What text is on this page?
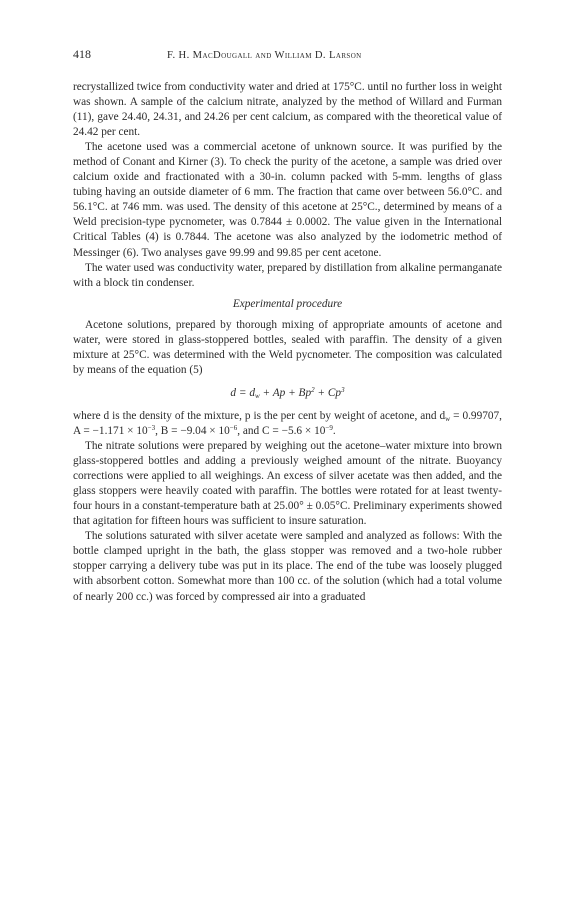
418	F. H. MacDougall and William D. Larson

recrystallized twice from conductivity water and dried at 175°C. until no further loss in weight was shown. A sample of the calcium nitrate, analyzed by the method of Willard and Furman (11), gave 24.40, 24.31, and 24.26 per cent calcium, as compared with the theoretical value of 24.42 per cent.

The acetone used was a commercial acetone of unknown source. It was purified by the method of Conant and Kirner (3). To check the purity of the acetone, a sample was dried over calcium oxide and fractionated with a 30-in. column packed with 5-mm. lengths of glass tubing having an outside diameter of 6 mm. The fraction that came over between 56.0°C. and 56.1°C. at 746 mm. was used. The density of this acetone at 25°C., determined by means of a Weld precision-type pycnometer, was 0.7844 ± 0.0002. The value given in the International Critical Tables (4) is 0.7844. The acetone was also analyzed by the iodometric method of Messinger (6). Two analyses gave 99.99 and 99.85 per cent acetone.

The water used was conductivity water, prepared by distillation from alkaline permanganate with a block tin condenser.

Experimental procedure

Acetone solutions, prepared by thorough mixing of appropriate amounts of acetone and water, were stored in glass-stoppered bottles, sealed with paraffin. The density of a given mixture at 25°C. was determined with the Weld pycnometer. The composition was calculated by means of the equation (5)

$d = d_w + Ap + Bp^2 + Cp^3$

where d is the density of the mixture, p is the per cent by weight of acetone, and $d_w = 0.99707$, $A = -1.171 \times 10^{-3}$, $B = -9.04 \times 10^{-6}$, and $C = -5.6 \times 10^{-9}$.

The nitrate solutions were prepared by weighing out the acetone–water mixture into brown glass-stoppered bottles and adding a previously weighed amount of the nitrate. Buoyancy corrections were applied to all weighings. An excess of silver acetate was then added, and the glass stoppers were heavily coated with paraffin. The bottles were rotated for at least twenty-four hours in a constant-temperature bath at 25.00° ± 0.05°C. Preliminary experiments showed that agitation for fifteen hours was sufficient to insure saturation.

The solutions saturated with silver acetate were sampled and analyzed as follows: With the bottle clamped upright in the bath, the glass stopper was removed and a two-hole rubber stopper carrying a delivery tube was put in its place. The end of the tube was loosely plugged with absorbent cotton. Somewhat more than 100 cc. of the solution (which had a total volume of nearly 200 cc.) was forced by compressed air into a graduated
